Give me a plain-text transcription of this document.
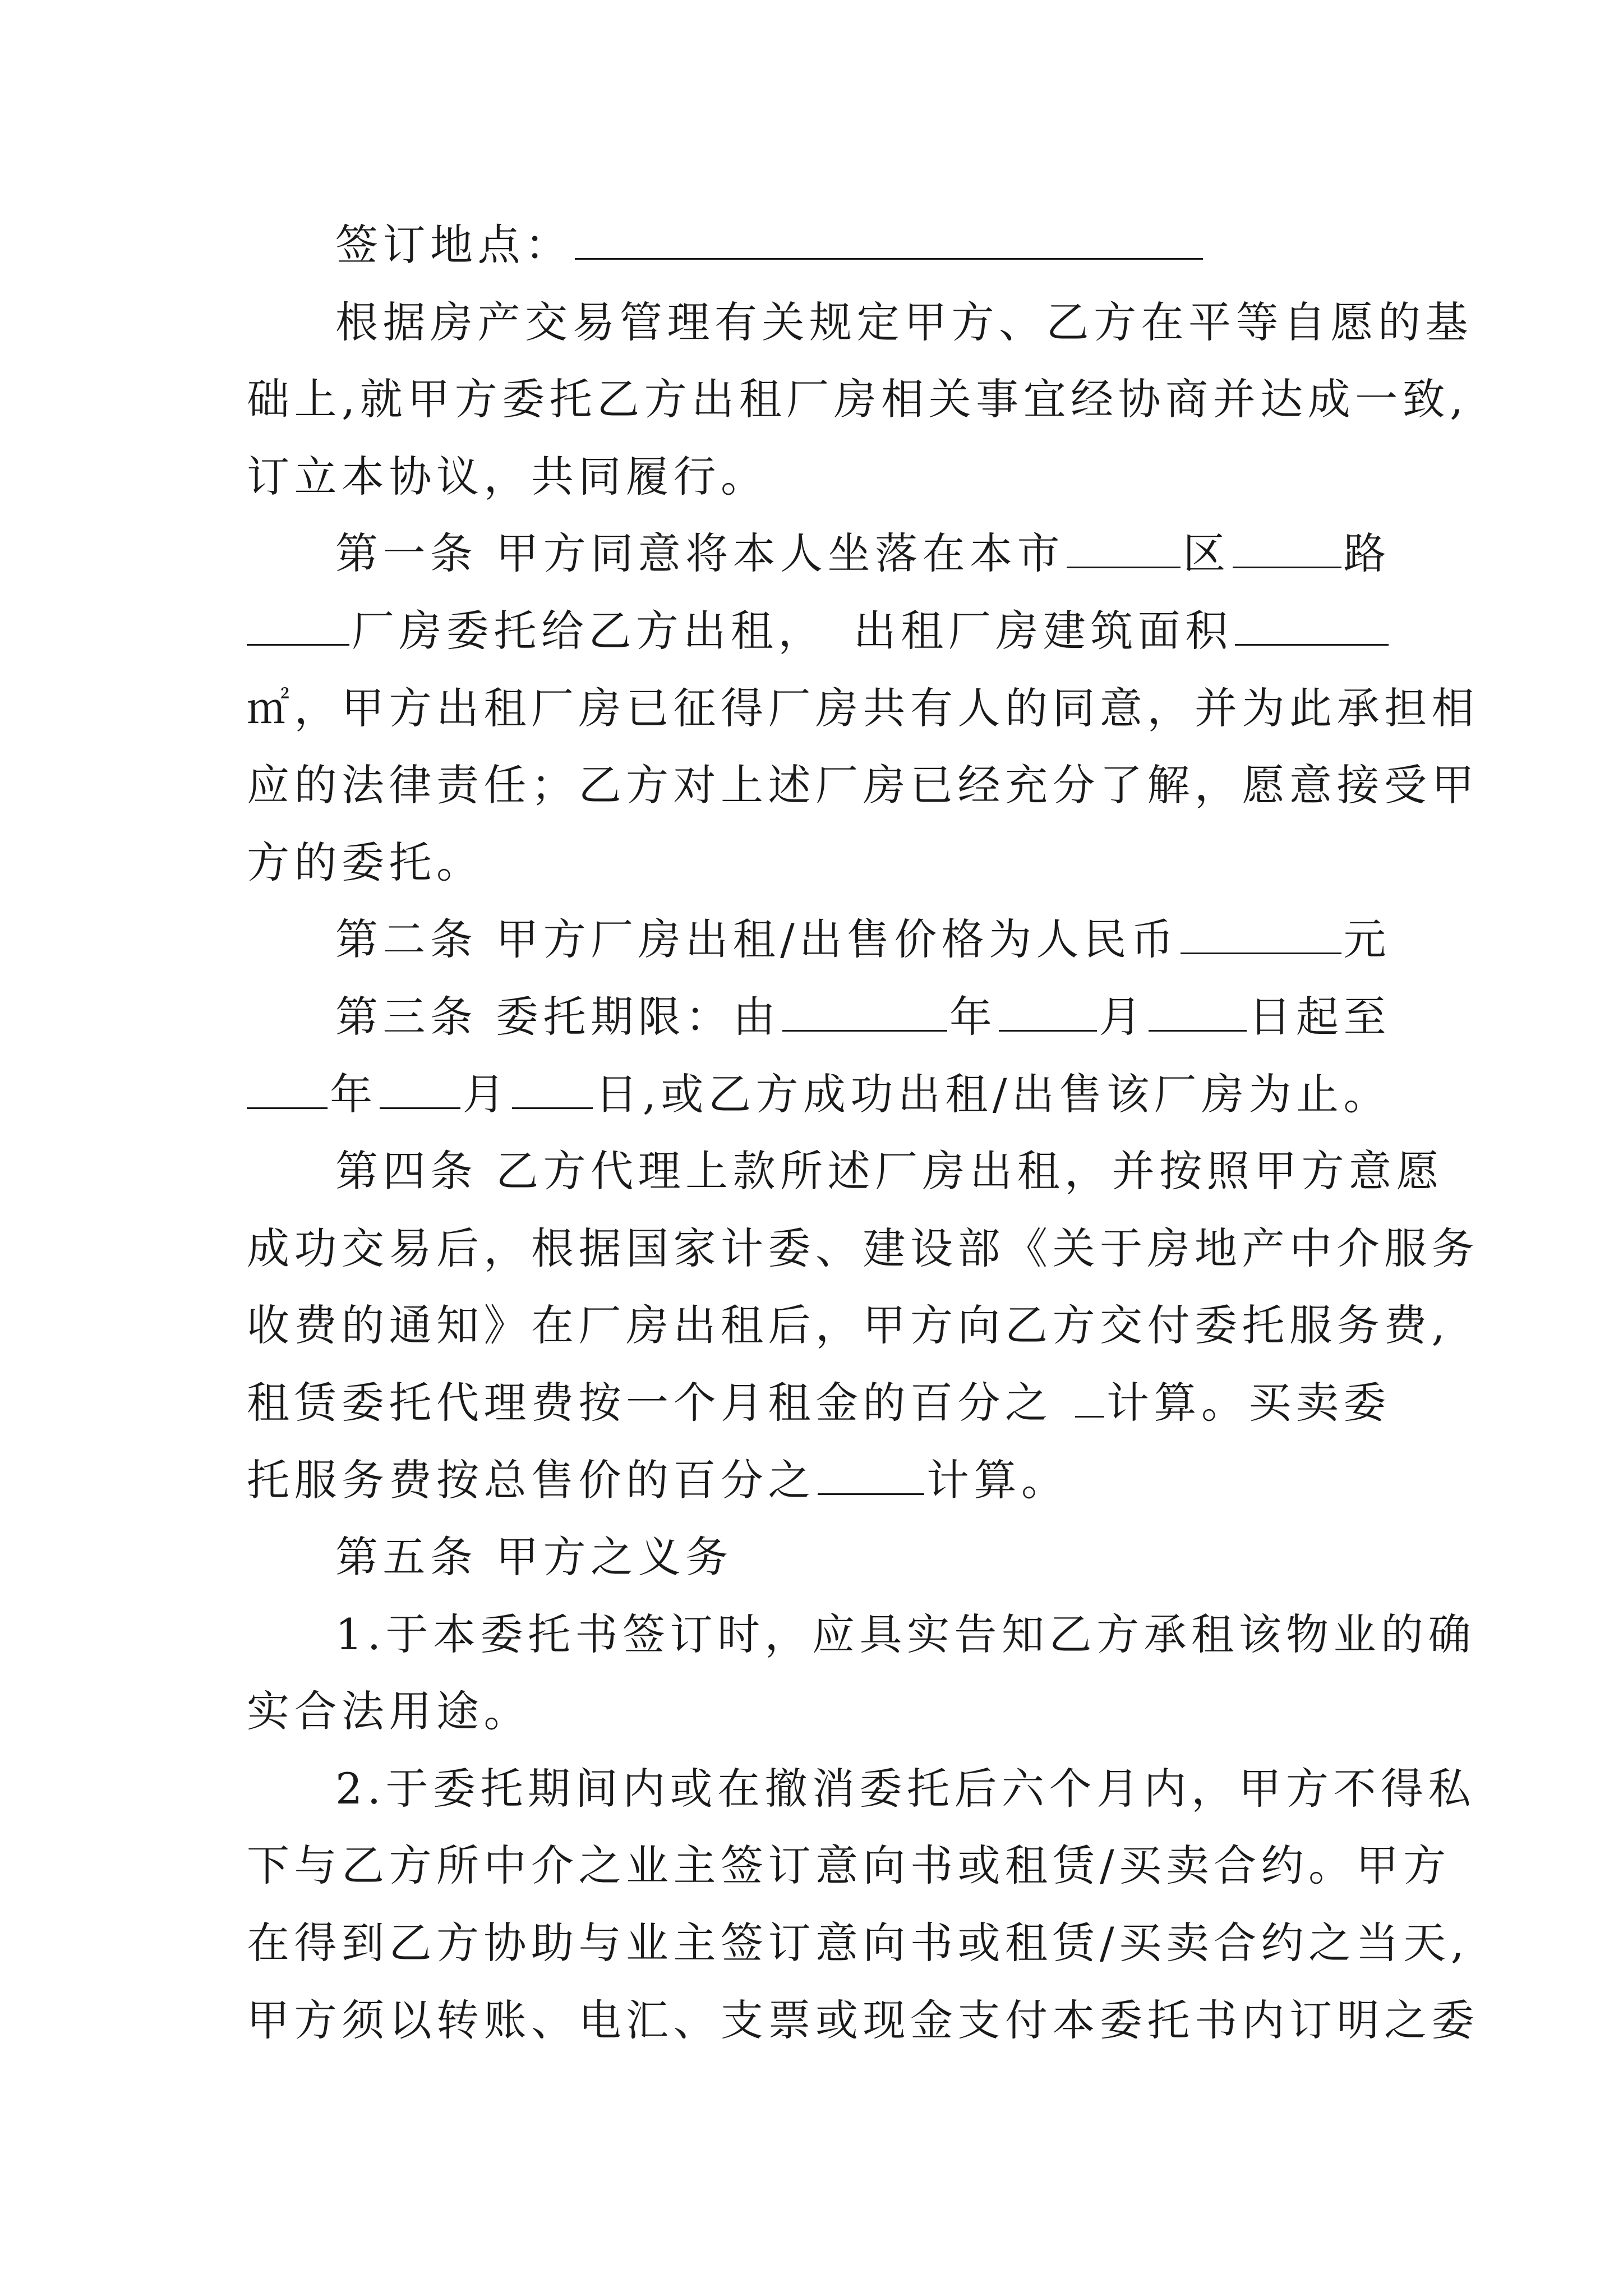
签订地点：
根据房产交易管理有关规定甲方、乙方在平等自愿的基
础上,就甲方委托乙方出租厂房相关事宜经协商并达成一致,
订立本协议，共同履行。
第一条 甲方同意将本人坐落在本市	区	路
厂房委托给乙方出租， 出租厂房建筑面积
㎡，甲方出租厂房已征得厂房共有人的同意，并为此承担相
应的法律责任；乙方对上述厂房已经充分了解，愿意接受甲
方的委托。
第二条 甲方厂房出租/出售价格为人民币	元
第三条 委托期限：由	年 月 日起至
年 月 日,或乙方成功出租/出售该厂房为止。
第四条 乙方代理上款所述厂房出租，并按照甲方意愿
成功交易后，根据国家计委、建设部《关于房地产中介服务
收费的通知》在厂房出租后， 甲方向乙方交付委托服务费,
租赁委托代理费按一个月租金的百分之 计算。买卖委
托服务费按总售价的百分之	计算。
第五条 甲方之义务
1.于本委托书签订时，应具实告知乙方承租该物业的确
实合法用途。
2.于委托期间内或在撤消委托后六个月内，甲方不得私
下与乙方所中介之业主签订意向书或租赁/买卖合约。甲方
在得到乙方协助与业主签订意向书或租赁/买卖合约之当天,
甲方须以转账、电汇、支票或现金支付本委托书内订明之委
